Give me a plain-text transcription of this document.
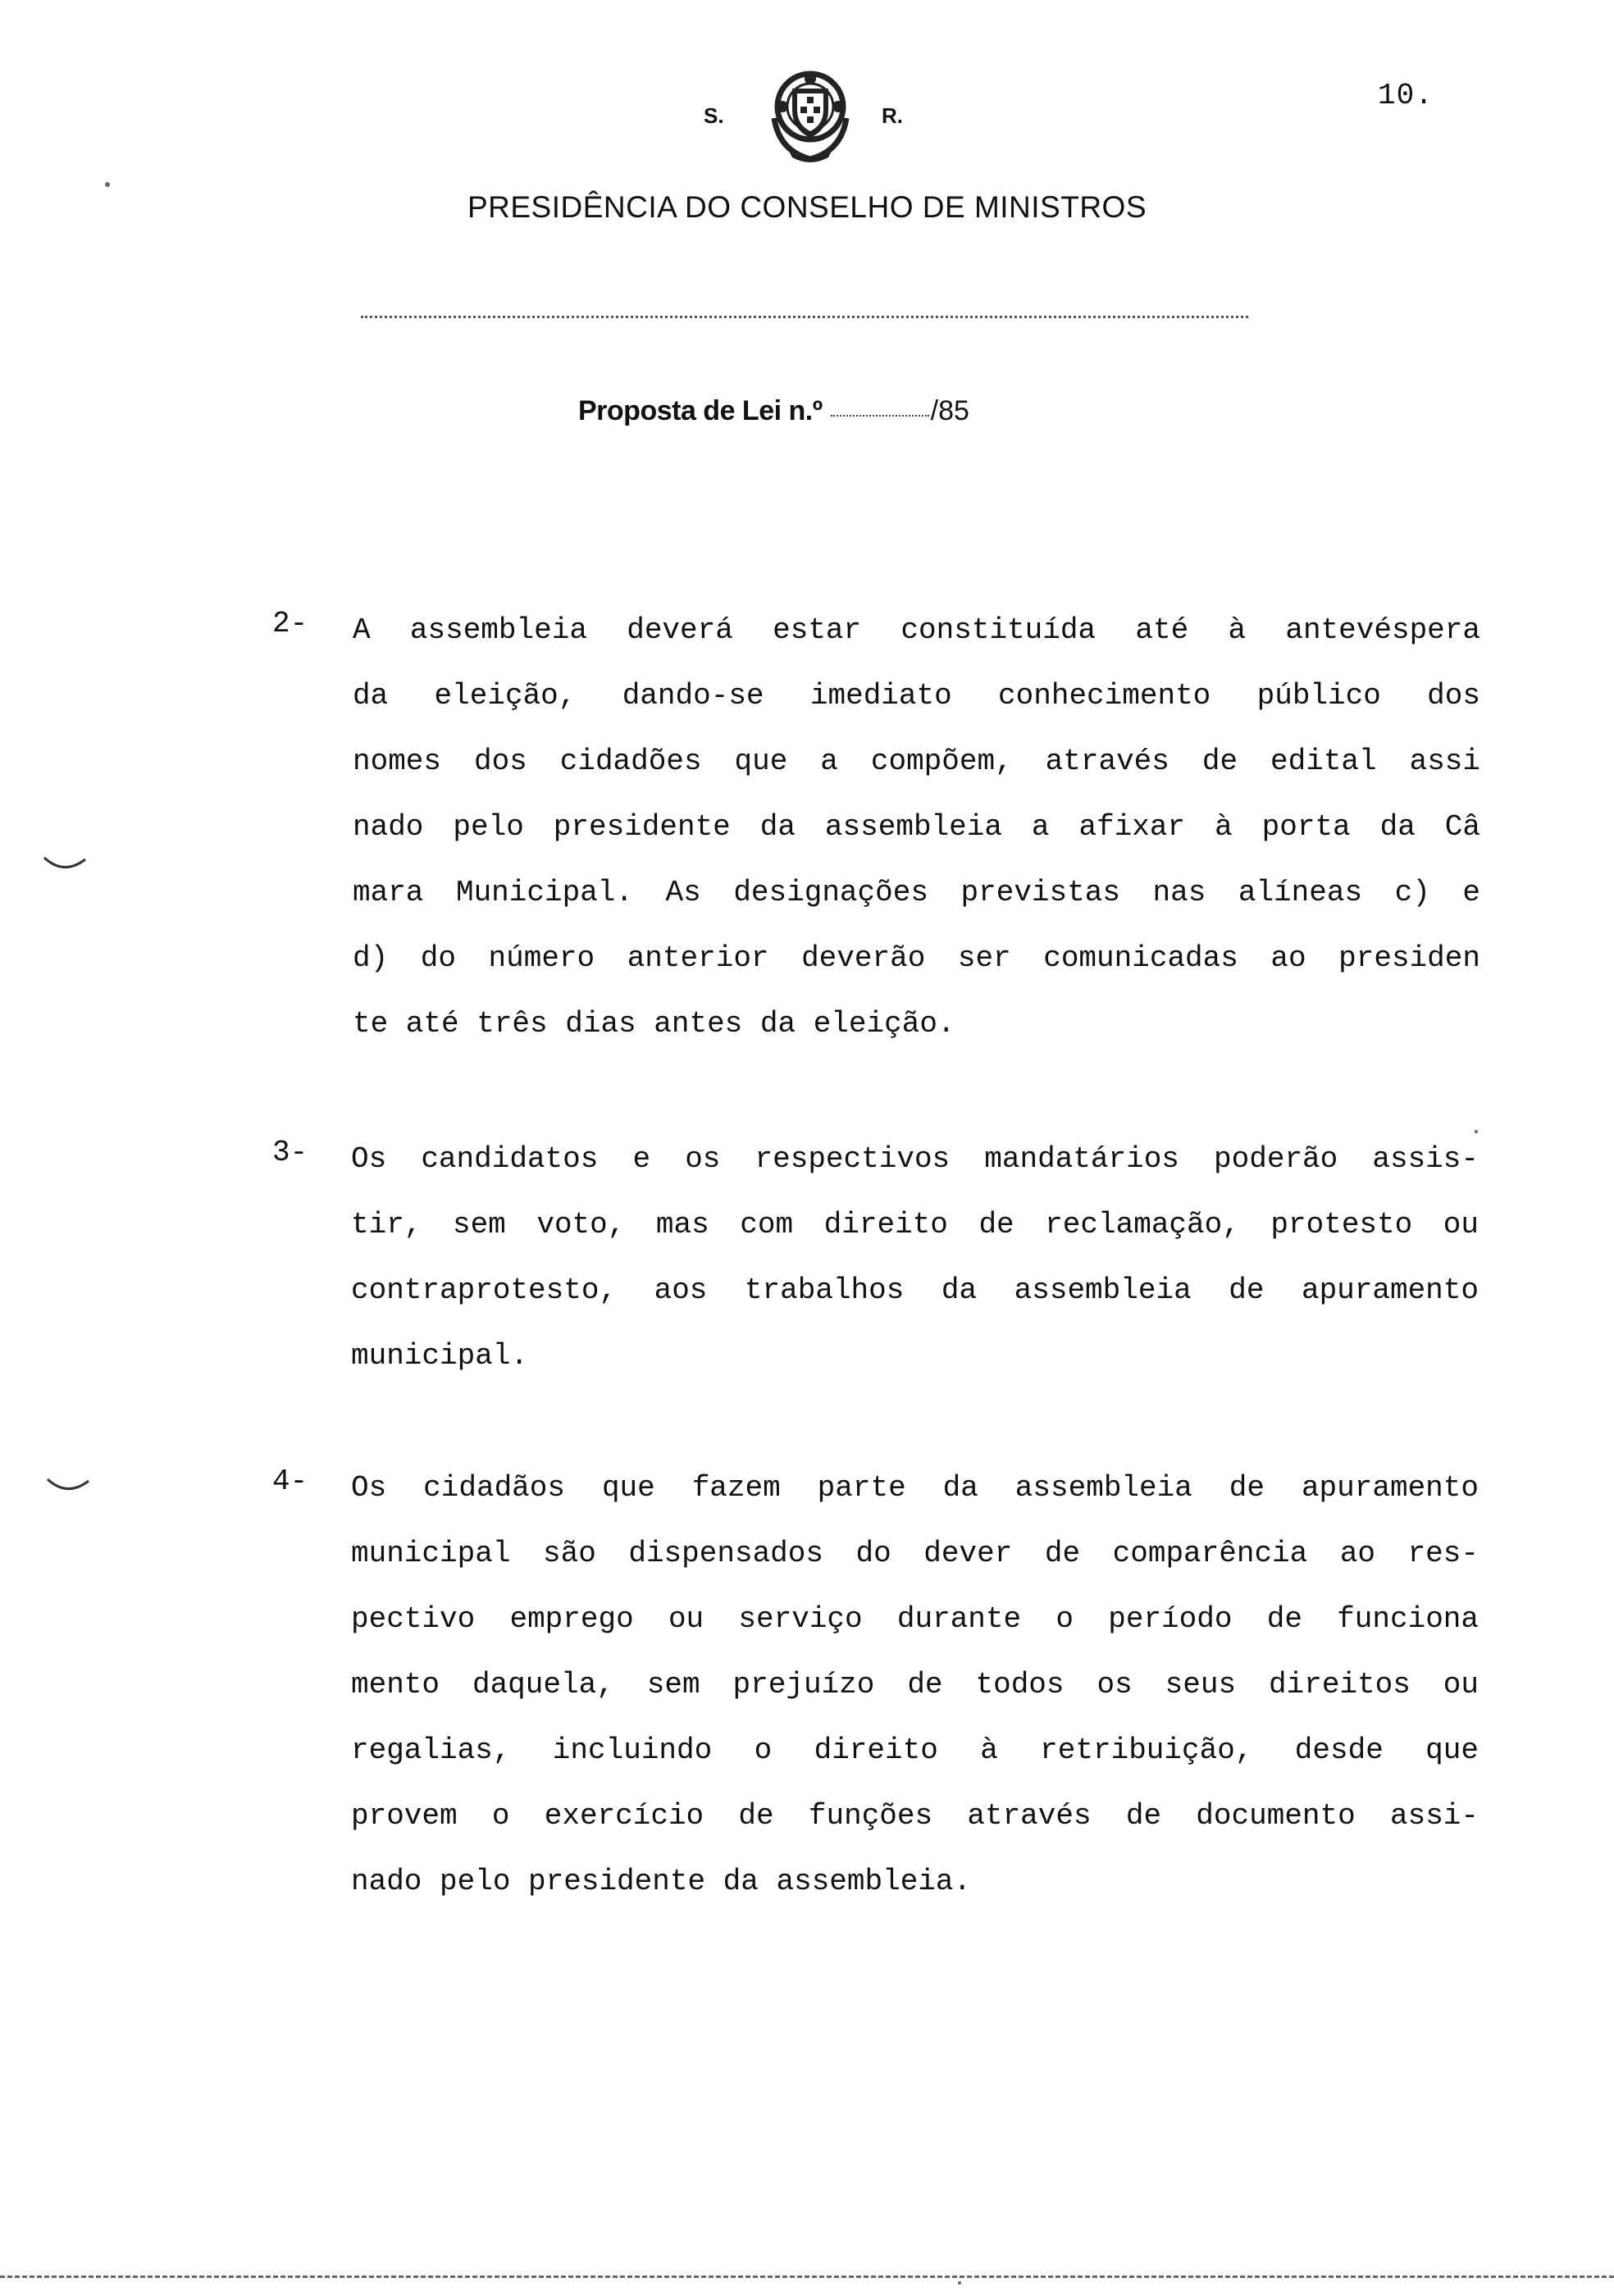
10.
S.	R.
PRESIDÊNCIA DO CONSELHO DE MINISTROS
Proposta de Lei n.º	/85
2- A assembleia deverá estar constituída até à antevéspera
da eleição, dando-se imediato conhecimento público dos
nomes dos cidadões que a compõem, através de edital assi
nado pelo presidente da assembleia a afixar à porta da Câ
mara Municipal. As designações previstas nas alíneas c) e
d) do número anterior deverão ser comunicadas ao presiden
te até três dias antes da eleição.
3- Os candidatos e os respectivos mandatários poderão assis-
tir, sem voto, mas com direito de reclamação, protesto ou
contraprotesto, aos trabalhos da assembleia de apuramento
municipal.
4- Os cidadãos que fazem parte da assembleia de apuramento
municipal são dispensados do dever de comparência ao res-
pectivo emprego ou serviço durante o período de funciona
mento daquela, sem prejuízo de todos os seus direitos ou
regalias, incluindo o direito à retribuição, desde que
provem o exercício de funções através de documento assi-
nado pelo presidente da assembleia.
